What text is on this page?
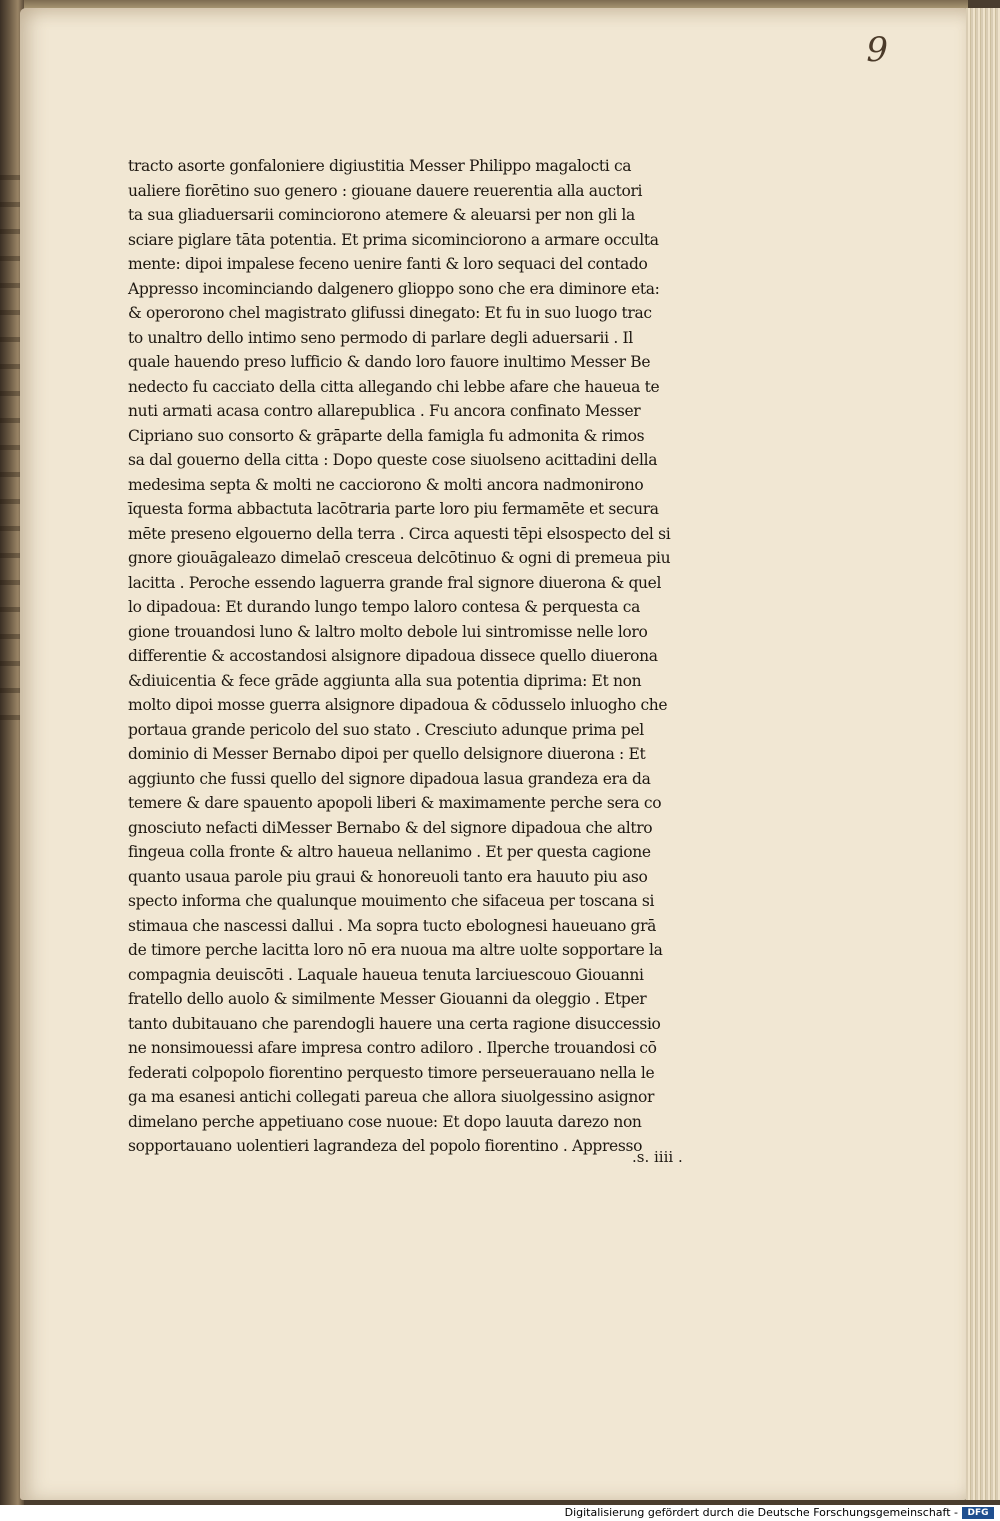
9
tracto asorte gonfaloniere digiustitia Messer Philippo magalocti ca
ualiere fiorētino suo genero : giouane dauere reuerentia alla auctori
ta sua gliaduersarii cominciorono atemere & aleuarsi per non gli la
sciare piglare tāta potentia. Et prima sicominciorono a armare occulta
mente: dipoi impalese feceno uenire fanti & loro sequaci del contado
Appresso incominciando dalgenero glioppo sono che era diminore eta:
& operorono chel magistrato glifussi dinegato: Et fu in suo luogo trac
to unaltro dello intimo seno permodo di parlare degli aduersarii . Il
quale hauendo preso lufficio & dando loro fauore inultimo Messer Be
nedecto fu cacciato della citta allegando chi lebbe afare che haueua te
nuti armati acasa contro allarepublica . Fu ancora confinato Messer
Cipriano suo consorto & grāparte della famigla fu admonita & rimos
sa dal gouerno della citta : Dopo queste cose siuolseno acittadini della
medesima septa & molti ne cacciorono & molti ancora nadmonirono
īquesta forma abbactuta lacōtraria parte loro piu fermamēte et secura
mēte preseno elgouerno della terra . Circa aquesti tēpi elsospecto del si
gnore giouāgaleazo dimelaō cresceua delcōtinuo & ogni di premeua piu
lacitta . Peroche essendo laguerra grande fral signore diuerona & quel
lo dipadoua: Et durando lungo tempo laloro contesa & perquesta ca
gione trouandosi luno & laltro molto debole lui sintromisse nelle loro
differentie & accostandosi alsignore dipadoua dissece quello diuerona
&diuicentia & fece grāde aggiunta alla sua potentia diprima: Et non
molto dipoi mosse guerra alsignore dipadoua & cōdusselo inluogho che
portaua grande pericolo del suo stato . Cresciuto adunque prima pel
dominio di Messer Bernabo dipoi per quello delsignore diuerona : Et
aggiunto che fussi quello del signore dipadoua lasua grandeza era da
temere & dare spauento apopoli liberi & maximamente perche sera co
gnosciuto nefacti diMesser Bernabo & del signore dipadoua che altro
fingeua colla fronte & altro haueua nellanimo . Et per questa cagione
quanto usaua parole piu graui & honoreuoli tanto era hauuto piu aso
specto informa che qualunque mouimento che sifaceua per toscana si
stimaua che nascessi dallui . Ma sopra tucto ebolognesi haueuano grā
de timore perche lacitta loro nō era nuoua ma altre uolte sopportare la
compagnia deuiscōti . Laquale haueua tenuta larciuescouo Giouanni
fratello dello auolo & similmente Messer Giouanni da oleggio . Etper
tanto dubitauano che parendogli hauere una certa ragione disuccessio
ne nonsimouessi afare impresa contro adiloro . Ilperche trouandosi cō
federati colpopolo fiorentino perquesto timore perseuerauano nella le
ga ma esanesi antichi collegati pareua che allora siuolgessino asignor
dimelano perche appetiuano cose nuoue: Et dopo lauuta darezo non
sopportauano uolentieri lagrandeza del popolo fiorentino . Appresso
.s. iiii .
Digitalisierung gefördert durch die Deutsche Forschungsgemeinschaft -	DFG
